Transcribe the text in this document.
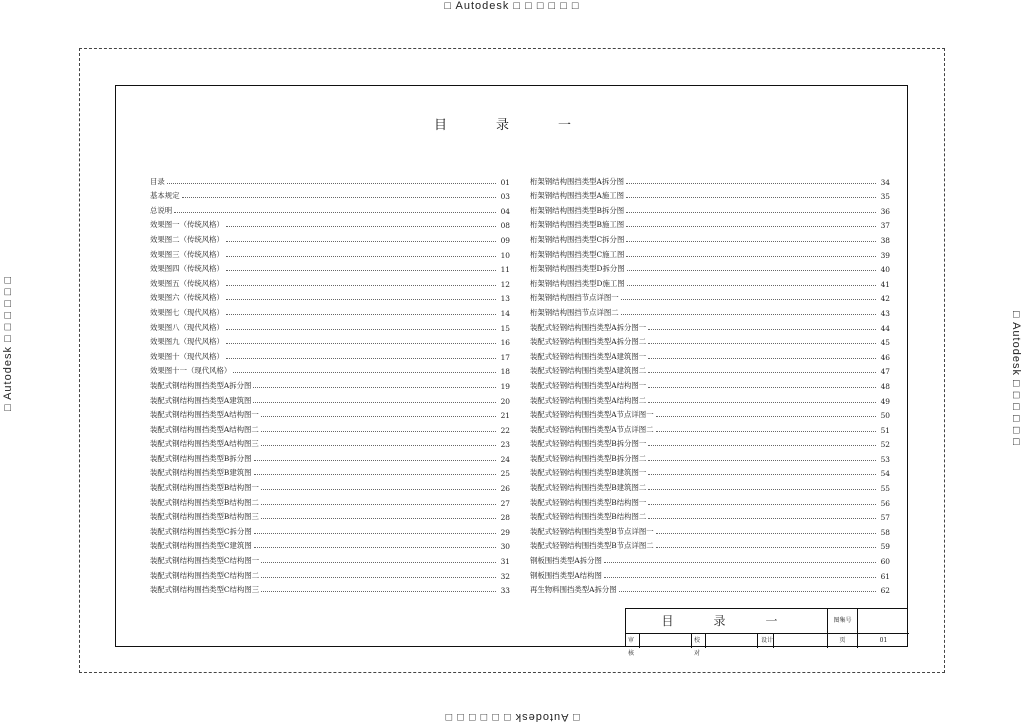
□ Autodesk □ □ □ □ □ □
□ Autodesk □ □ □ □ □ □
□ Autodesk □ □ □ □ □ □	□ Autodesk □ □ □ □ □ □
目　录　一
目录	01
基本规定	03
总说明	04
效果图一（传统风格）	08
效果图二（传统风格）	09
效果图三（传统风格）	10
效果图四（传统风格）	11
效果图五（传统风格）	12
效果图六（传统风格）	13
效果图七（现代风格）	14
效果图八（现代风格）	15
效果图九（现代风格）	16
效果图十（现代风格）	17
效果图十一（现代风格）	18
装配式钢结构围挡类型A拆分图	19
装配式钢结构围挡类型A建筑图	20
装配式钢结构围挡类型A结构图一	21
装配式钢结构围挡类型A结构图二	22
装配式钢结构围挡类型A结构图三	23
装配式钢结构围挡类型B拆分图	24
装配式钢结构围挡类型B建筑图	25
装配式钢结构围挡类型B结构图一	26
装配式钢结构围挡类型B结构图二	27
装配式钢结构围挡类型B结构图三	28
装配式钢结构围挡类型C拆分图	29
装配式钢结构围挡类型C建筑图	30
装配式钢结构围挡类型C结构图一	31
装配式钢结构围挡类型C结构图二	32
装配式钢结构围挡类型C结构图三	33
桁架钢结构围挡类型A拆分图	34
桁架钢结构围挡类型A施工图	35
桁架钢结构围挡类型B拆分图	36
桁架钢结构围挡类型B施工图	37
桁架钢结构围挡类型C拆分图	38
桁架钢结构围挡类型C施工图	39
桁架钢结构围挡类型D拆分图	40
桁架钢结构围挡类型D施工图	41
桁架钢结构围挡节点详图一	42
桁架钢结构围挡节点详图二	43
装配式轻钢结构围挡类型A拆分图一	44
装配式轻钢结构围挡类型A拆分图二	45
装配式轻钢结构围挡类型A建筑图一	46
装配式轻钢结构围挡类型A建筑图二	47
装配式轻钢结构围挡类型A结构图一	48
装配式轻钢结构围挡类型A结构图二	49
装配式轻钢结构围挡类型A节点详图一	50
装配式轻钢结构围挡类型A节点详图二	51
装配式轻钢结构围挡类型B拆分图一	52
装配式轻钢结构围挡类型B拆分图二	53
装配式轻钢结构围挡类型B建筑图一	54
装配式轻钢结构围挡类型B建筑图二	55
装配式轻钢结构围挡类型B结构图一	56
装配式轻钢结构围挡类型B结构图二	57
装配式轻钢结构围挡类型B节点详图一	58
装配式轻钢结构围挡类型B节点详图二	59
钢板围挡类型A拆分图	60
钢板围挡类型A结构图	61
再生物料围挡类型A拆分图	62
目　录　一	图集号
审核
校对
设计	页	01
